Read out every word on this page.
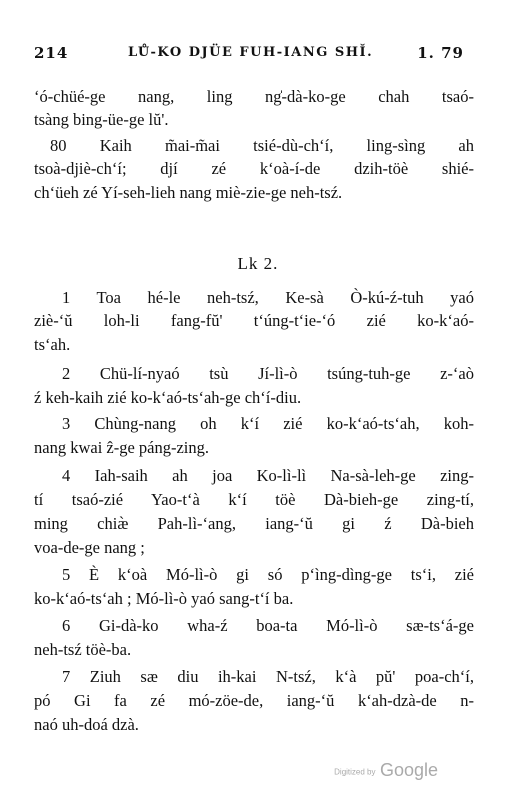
214	LŮ-KO DJÜE FUH-IANG SHĬ.	1. 79
‘ó-chüé-ge nang, ling ng̍-dà-ko-ge chah tsaó-
tsàng bing-üe-ge lŭ'.
80 Kaih m̃ai-m̃ai tsié-dù-ch‘í, ling-sìng ah
tsoà-djiè-ch‘í; djí zé k‘oà-í-de dzih-töè shié-
ch‘üeh zé Yí-seh-lieh nang miè-zie-ge neh-tsź.
Lk 2.
1 Toa hé-le neh-tsź, Ke-sà Ò-kú-ź-tuh yaó
ziè-‘ŭ loh-li fang-fŭ' t‘úng-t‘ie-‘ó zié ko-k‘aó-
ts‘ah.
2 Chü-lí-nyaó tsù Jí-lì-ò tsúng-tuh-ge z-‘aò
ź keh-kaih zié ko-k‘aó-ts‘ah-ge ch‘í-diu.
3 Chùng-nang oh k‘í zié ko-k‘aó-ts‘ah, koh-
nang kwai ẑ-ge páng-zing.
4 Iah-saih ah joa Ko-lì-lì Na-sà-leh-ge zing-
tí tsaó-zié Yao-t‘à k‘í töè Dà-bieh-ge zing-tí,
ming chiæ̀ Pah-lì-‘ang, iang-‘ŭ gi ź Dà-bieh
voa-de-ge nang ;
5 È k‘oà Mó-lì-ò gi só p‘ìng-dìng-ge ts‘i, zié
ko-k‘aó-ts‘ah ; Mó-lì-ò yaó sang-t‘í ba.
6 Gi-dà-ko wha-ź boa-ta Mó-lì-ò sæ-ts‘á-ge
neh-tsź töè-ba.
7 Ziuh sæ diu ih-kai N-tsź, k‘à pŭ' poa-ch‘í,
pó Gi fa zé mó-zöe-de, iang-‘ŭ k‘ah-dzà-de n-
naó uh-doá dzà.
Digitized by Google
